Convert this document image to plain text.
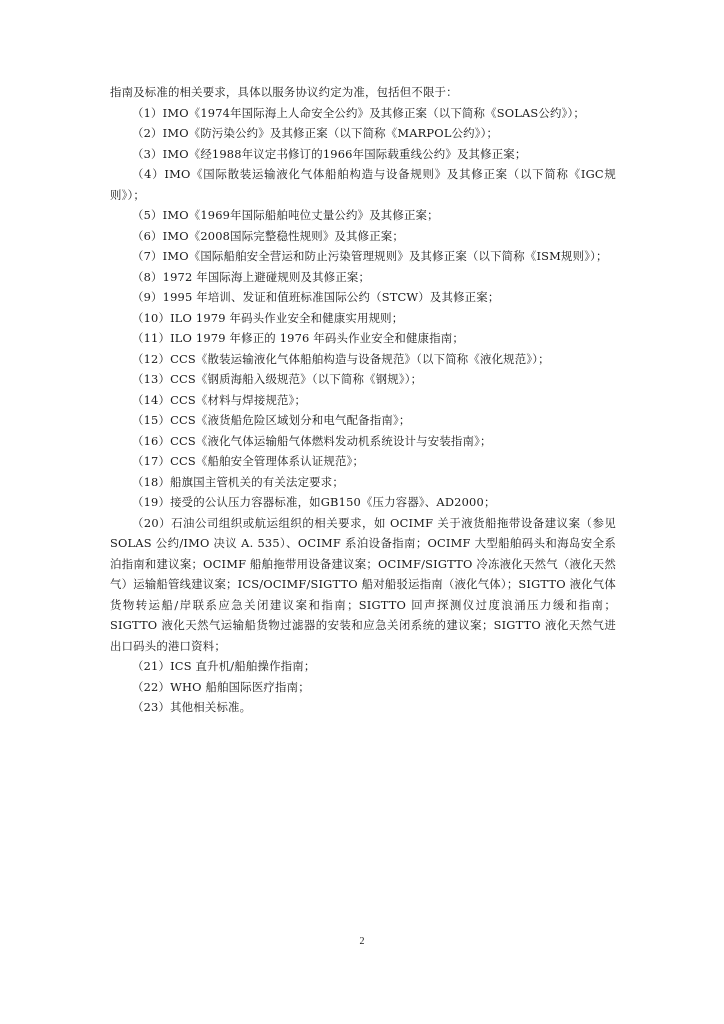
指南及标准的相关要求，具体以服务协议约定为准，包括但不限于：

（1）IMO《1974年国际海上人命安全公约》及其修正案（以下简称《SOLAS公约》）；

（2）IMO《防污染公约》及其修正案（以下简称《MARPOL公约》）；

（3）IMO《经1988年议定书修订的1966年国际载重线公约》及其修正案；

（4）IMO《国际散装运输液化气体船舶构造与设备规则》及其修正案（以下简称《IGC规则》）；

（5）IMO《1969年国际船舶吨位丈量公约》及其修正案；

（6）IMO《2008国际完整稳性规则》及其修正案；

（7）IMO《国际船舶安全营运和防止污染管理规则》及其修正案（以下简称《ISM规则》）；

（8）1972 年国际海上避碰规则及其修正案；

（9）1995 年培训、发证和值班标准国际公约（STCW）及其修正案；

（10）ILO 1979 年码头作业安全和健康实用规则；

（11）ILO 1979 年修正的 1976 年码头作业安全和健康指南；

（12）CCS《散装运输液化气体船舶构造与设备规范》（以下简称《液化规范》）；

（13）CCS《钢质海船入级规范》（以下简称《钢规》）；

（14）CCS《材料与焊接规范》；

（15）CCS《液货船危险区域划分和电气配备指南》；

（16）CCS《液化气体运输船气体燃料发动机系统设计与安装指南》；

（17）CCS《船舶安全管理体系认证规范》；

（18）船旗国主管机关的有关法定要求；

（19）接受的公认压力容器标准，如GB150《压力容器》、AD2000；

（20）石油公司组织或航运组织的相关要求，如 OCIMF 关于液货船拖带设备建议案（参见 SOLAS 公约/IMO 决议 A. 535）、OCIMF 系泊设备指南；OCIMF 大型船舶码头和海岛安全系泊指南和建议案；OCIMF 船舶拖带用设备建议案；OCIMF/SIGTTO 冷冻液化天然气（液化天然气）运输船管线建议案；ICS/OCIMF/SIGTTO 船对船驳运指南（液化气体）；SIGTTO 液化气体货物转运船/岸联系应急关闭建议案和指南；SIGTTO 回声探测仪过度浪涌压力缓和指南；SIGTTO 液化天然气运输船货物过滤器的安装和应急关闭系统的建议案；SIGTTO 液化天然气进出口码头的港口资料；

（21）ICS 直升机/船舶操作指南；

（22）WHO 船舶国际医疗指南；

（23）其他相关标准。

2
